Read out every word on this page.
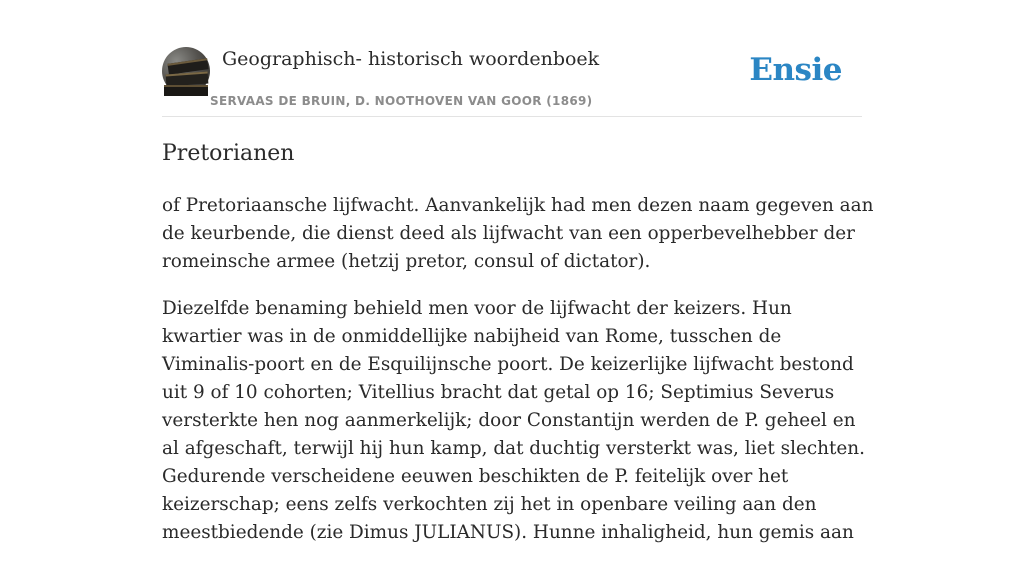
Geographisch- historisch woordenboek
SERVAAS DE BRUIN, D. NOOTHOVEN VAN GOOR (1869)
Ensie
Pretorianen

of Pretoriaansche lijfwacht. Aanvankelijk had men dezen naam gegeven aan de keurbende, die dienst deed als lijfwacht van een opperbevelhebber der romeinsche armee (hetzij pretor, consul of dictator).

Diezelfde benaming behield men voor de lijfwacht der keizers. Hun kwartier was in de onmiddellijke nabijheid van Rome, tusschen de Viminalis-poort en de Esquilijnsche poort. De keizerlijke lijfwacht bestond uit 9 of 10 cohorten; Vitellius bracht dat getal op 16; Septimius Severus versterkte hen nog aanmerkelijk; door Constantijn werden de P. geheel en al afgeschaft, terwijl hij hun kamp, dat duchtig versterkt was, liet slechten. Gedurende verscheidene eeuwen beschikten de P. feitelijk over het keizerschap; eens zelfs verkochten zij het in openbare veiling aan den meestbiedende (zie Dimus JULIANUS). Hunne inhaligheid, hun gemis aan
